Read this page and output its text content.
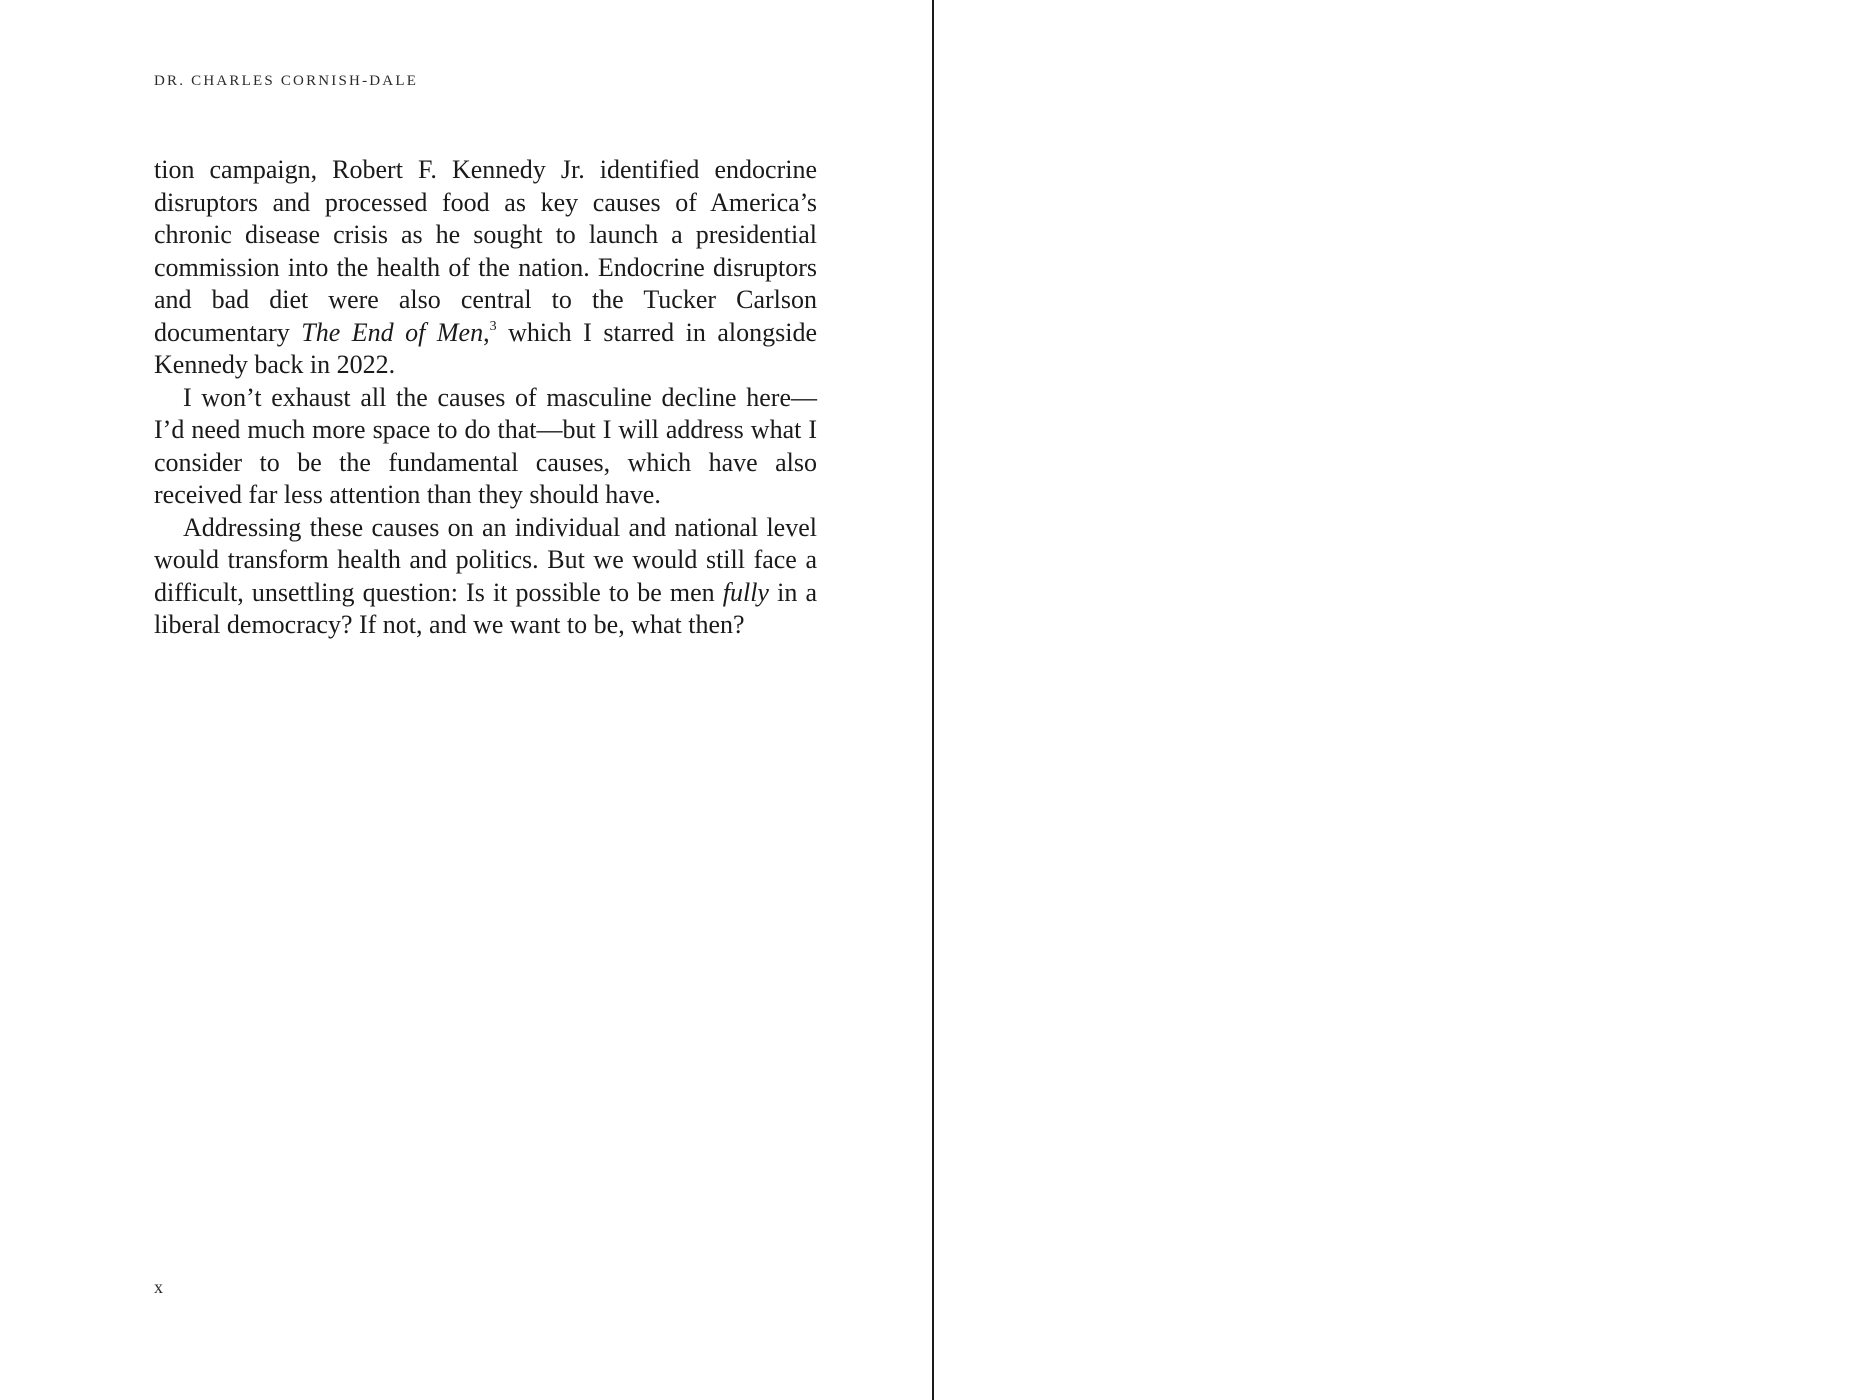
DR. CHARLES CORNISH-DALE

tion campaign, Robert F. Kennedy Jr. identified endocrine disruptors and processed food as key causes of America’s chronic disease crisis as he sought to launch a presidential commission into the health of the nation. Endocrine disruptors and bad diet were also central to the Tucker Carlson documentary The End of Men,$^3$ which I starred in alongside Kennedy back in 2022.

I won’t exhaust all the causes of masculine decline here—I’d need much more space to do that—but I will address what I consider to be the fundamental causes, which have also received far less attention than they should have.

Addressing these causes on an individual and national level would transform health and politics. But we would still face a difficult, unsettling question: Is it possible to be men fully in a liberal democracy? If not, and we want to be, what then?

x
